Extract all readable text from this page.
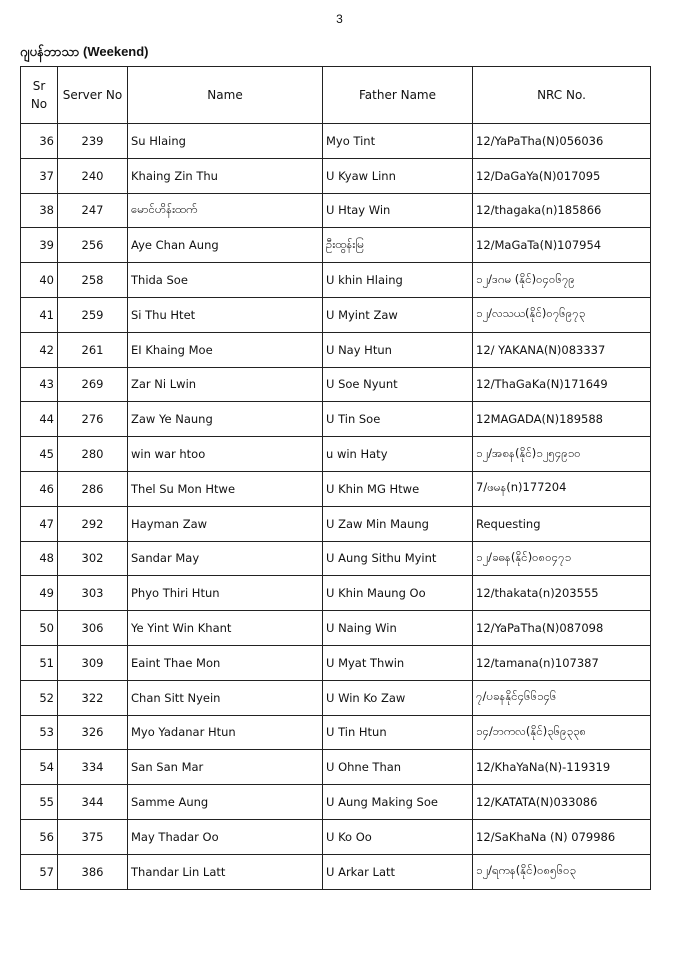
3
ဂျပန်ဘာသာ (Weekend)
Sr No	Server No	Name	Father Name	NRC No.
36	239	Su Hlaing	Myo Tint	12/YaPaTha(N)056036
37	240	Khaing Zin Thu	U Kyaw Linn	12/DaGaYa(N)017095
38	247	မောင်ဟိန်းထက်	U Htay Win	12/thagaka(n)185866
39	256	Aye Chan Aung	ဦးထွန်းမြ	12/MaGaTa(N)107954
40	258	Thida Soe	U khin Hlaing	၁၂/ဒဂမ (နိုင်)၀၄၀၆၇၉
41	259	Si Thu Htet	U Myint Zaw	၁၂/လသယ(နိုင်)၀၇၆၉၇၃
42	261	EI Khaing Moe	U Nay Htun	12/ YAKANA(N)083337
43	269	Zar Ni Lwin	U Soe Nyunt	12/ThaGaKa(N)171649
44	276	Zaw Ye Naung	U Tin Soe	12MAGADA(N)189588
45	280	win war htoo	u win Haty	၁၂/အစန(နိုင်)၁၂၅၄၉၁၀
46	286	Thel Su Mon Htwe	U Khin MG Htwe	7/ဖမန(n)177204
47	292	Hayman Zaw	U Zaw Min Maung	Requesting
48	302	Sandar May	U Aung Sithu Myint	၁၂/ခဓန(နိုင်)၀၈၀၄၇၁
49	303	Phyo Thiri Htun	U Khin Maung Oo	12/thakata(n)203555
50	306	Ye Yint Win Khant	U Naing Win	12/YaPaTha(N)087098
51	309	Eaint Thae Mon	U Myat Thwin	12/tamana(n)107387
52	322	Chan Sitt Nyein	U Win Ko Zaw	၇/ပခနနိုင်၄၆၆၁၄၆
53	326	Myo Yadanar Htun	U Tin Htun	၁၄/ဘကလ(နိုင်)၃၆၉၃၃၈
54	334	San San Mar	U Ohne Than	12/KhaYaNa(N)-119319
55	344	Samme Aung	U Aung Making Soe	12/KATATA(N)033086
56	375	May Thadar Oo	U Ko Oo	12/SaKhaNa (N) 079986
57	386	Thandar Lin Latt	U Arkar Latt	၁၂/ရကန(နိုင်)၀၈၅၆၀၃
